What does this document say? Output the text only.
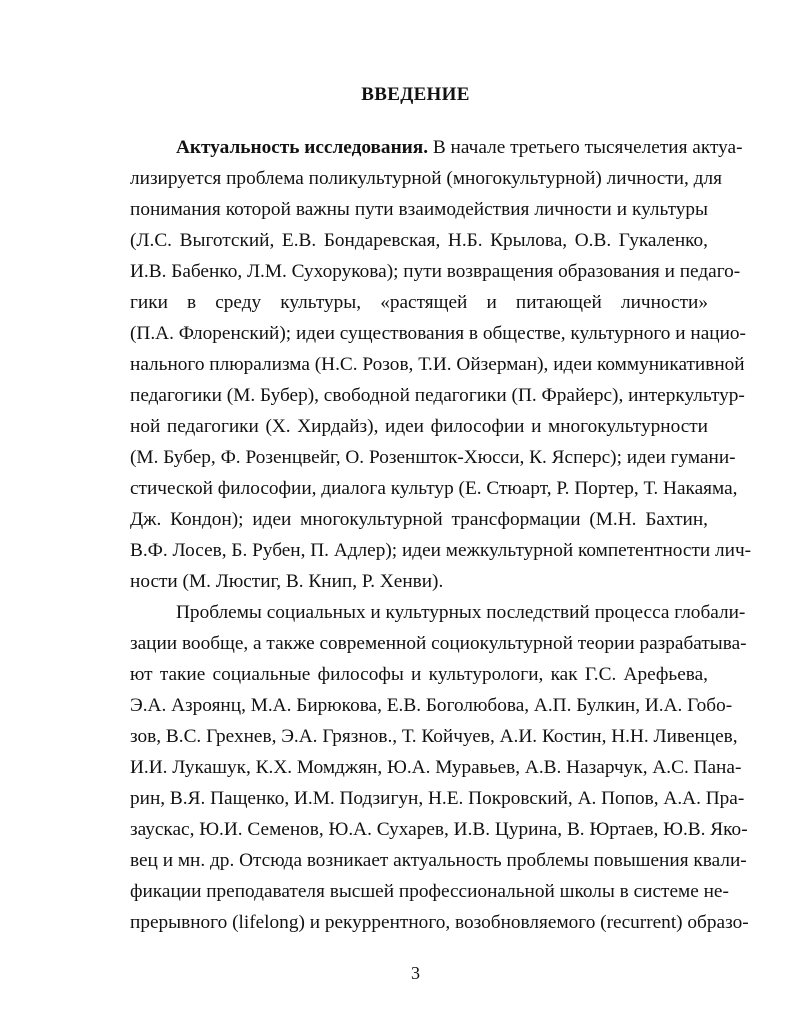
ВВЕДЕНИЕ
Актуальность исследования. В начале третьего тысячелетия актуа-
лизируется проблема поликультурной (многокультурной) личности, для
понимания которой важны пути взаимодействия личности и культуры
(Л.С. Выготский, Е.В. Бондаревская, Н.Б. Крылова, О.В. Гукаленко,
И.В. Бабенко, Л.М. Сухорукова); пути возвращения образования и педаго-
гики в среду культуры, «растящей и питающей личности»
(П.А. Флоренский); идеи существования в обществе, культурного и нацио-
нального плюрализма (Н.С. Розов, Т.И. Ойзерман), идеи коммуникативной
педагогики (М. Бубер), свободной педагогики (П. Фрайерс), интеркультур-
ной педагогики (Х. Хирдайз), идеи философии и многокультурности
(М. Бубер, Ф. Розенцвейг, О. Розеншток-Хюсси, К. Ясперс); идеи гумани-
стической философии, диалога культур (Е. Стюарт, Р. Портер, Т. Накаяма,
Дж. Кондон); идеи многокультурной трансформации (М.Н. Бахтин,
В.Ф. Лосев, Б. Рубен, П. Адлер); идеи межкультурной компетентности лич-
ности (М. Люстиг, В. Книп, Р. Хенви).
Проблемы социальных и культурных последствий процесса глобали-
зации вообще, а также современной социокультурной теории разрабатыва-
ют такие социальные философы и культурологи, как Г.С. Арефьева,
Э.А. Азроянц, М.А. Бирюкова, Е.В. Боголюбова, А.П. Булкин, И.А. Гобо-
зов, В.С. Грехнев, Э.А. Грязнов., Т. Койчуев, А.И. Костин, Н.Н. Ливенцев,
И.И. Лукашук, К.Х. Момджян, Ю.А. Муравьев, А.В. Назарчук, А.С. Пана-
рин, В.Я. Пащенко, И.М. Подзигун, Н.Е. Покровский, А. Попов, А.А. Пра-
заускас, Ю.И. Семенов, Ю.А. Сухарев, И.В. Цурина, В. Юртаев, Ю.В. Яко-
вец и мн. др. Отсюда возникает актуальность проблемы повышения квали-
фикации преподавателя высшей профессиональной школы в системе не-
прерывного (lifelong) и рекуррентного, возобновляемого (recurrent) образо-
3
